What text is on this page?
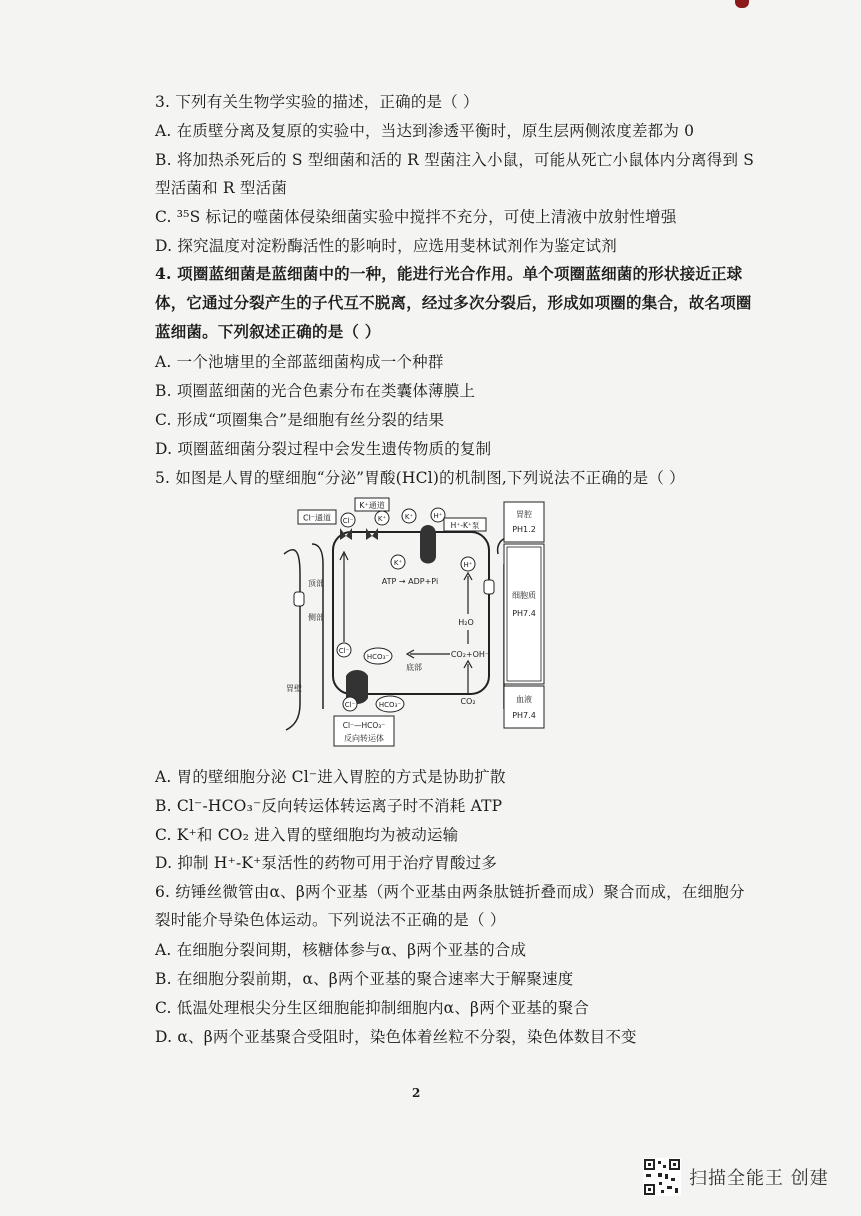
3. 下列有关生物学实验的描述，正确的是（ ）
A. 在质壁分离及复原的实验中，当达到渗透平衡时，原生层两侧浓度差都为 0
B. 将加热杀死后的 S 型细菌和活的 R 型菌注入小鼠，可能从死亡小鼠体内分离得到 S
型活菌和 R 型活菌
C. ³⁵S 标记的噬菌体侵染细菌实验中搅拌不充分，可使上清液中放射性增强
D. 探究温度对淀粉酶活性的影响时，应选用斐林试剂作为鉴定试剂
4. 项圈蓝细菌是蓝细菌中的一种，能进行光合作用。单个项圈蓝细菌的形状接近正球
体，它通过分裂产生的子代互不脱离，经过多次分裂后，形成如项圈的集合，故名项圈
蓝细菌。下列叙述正确的是（ ）
A. 一个池塘里的全部蓝细菌构成一个种群
B. 项圈蓝细菌的光合色素分布在类囊体薄膜上
C. 形成“项圈集合”是细胞有丝分裂的结果
D. 项圈蓝细菌分裂过程中会发生遗传物质的复制
5. 如图是人胃的壁细胞“分泌”胃酸(HCl)的机制图,下列说法不正确的是（ ）
Cl⁻通道 Cl⁻
K⁺通道
K⁺	K⁺	H⁺
H⁺-K⁺泵
K⁺
ATP → ADP+Pi
H⁺
H₂O
CO₂+OH⁻
CO₂
Cl⁻
HCO₃⁻
Cl⁻	HCO₃⁻
Cl⁻—HCO₃⁻
反向转运体
顶部
侧部
底部
胃壁
胃腔
PH1.2
细胞质
PH7.4
血液
PH7.4
A. 胃的壁细胞分泌 Cl⁻进入胃腔的方式是协助扩散
B. Cl⁻-HCO₃⁻反向转运体转运离子时不消耗 ATP
C. K⁺和 CO₂ 进入胃的壁细胞均为被动运输
D. 抑制 H⁺-K⁺泵活性的药物可用于治疗胃酸过多
6. 纺锤丝微管由α、β两个亚基（两个亚基由两条肽链折叠而成）聚合而成，在细胞分
裂时能介导染色体运动。下列说法不正确的是（ ）
A. 在细胞分裂间期，核糖体参与α、β两个亚基的合成
B. 在细胞分裂前期，α、β两个亚基的聚合速率大于解聚速度
C. 低温处理根尖分生区细胞能抑制细胞内α、β两个亚基的聚合
D. α、β两个亚基聚合受阻时，染色体着丝粒不分裂，染色体数目不变
2
扫描全能王 创建
